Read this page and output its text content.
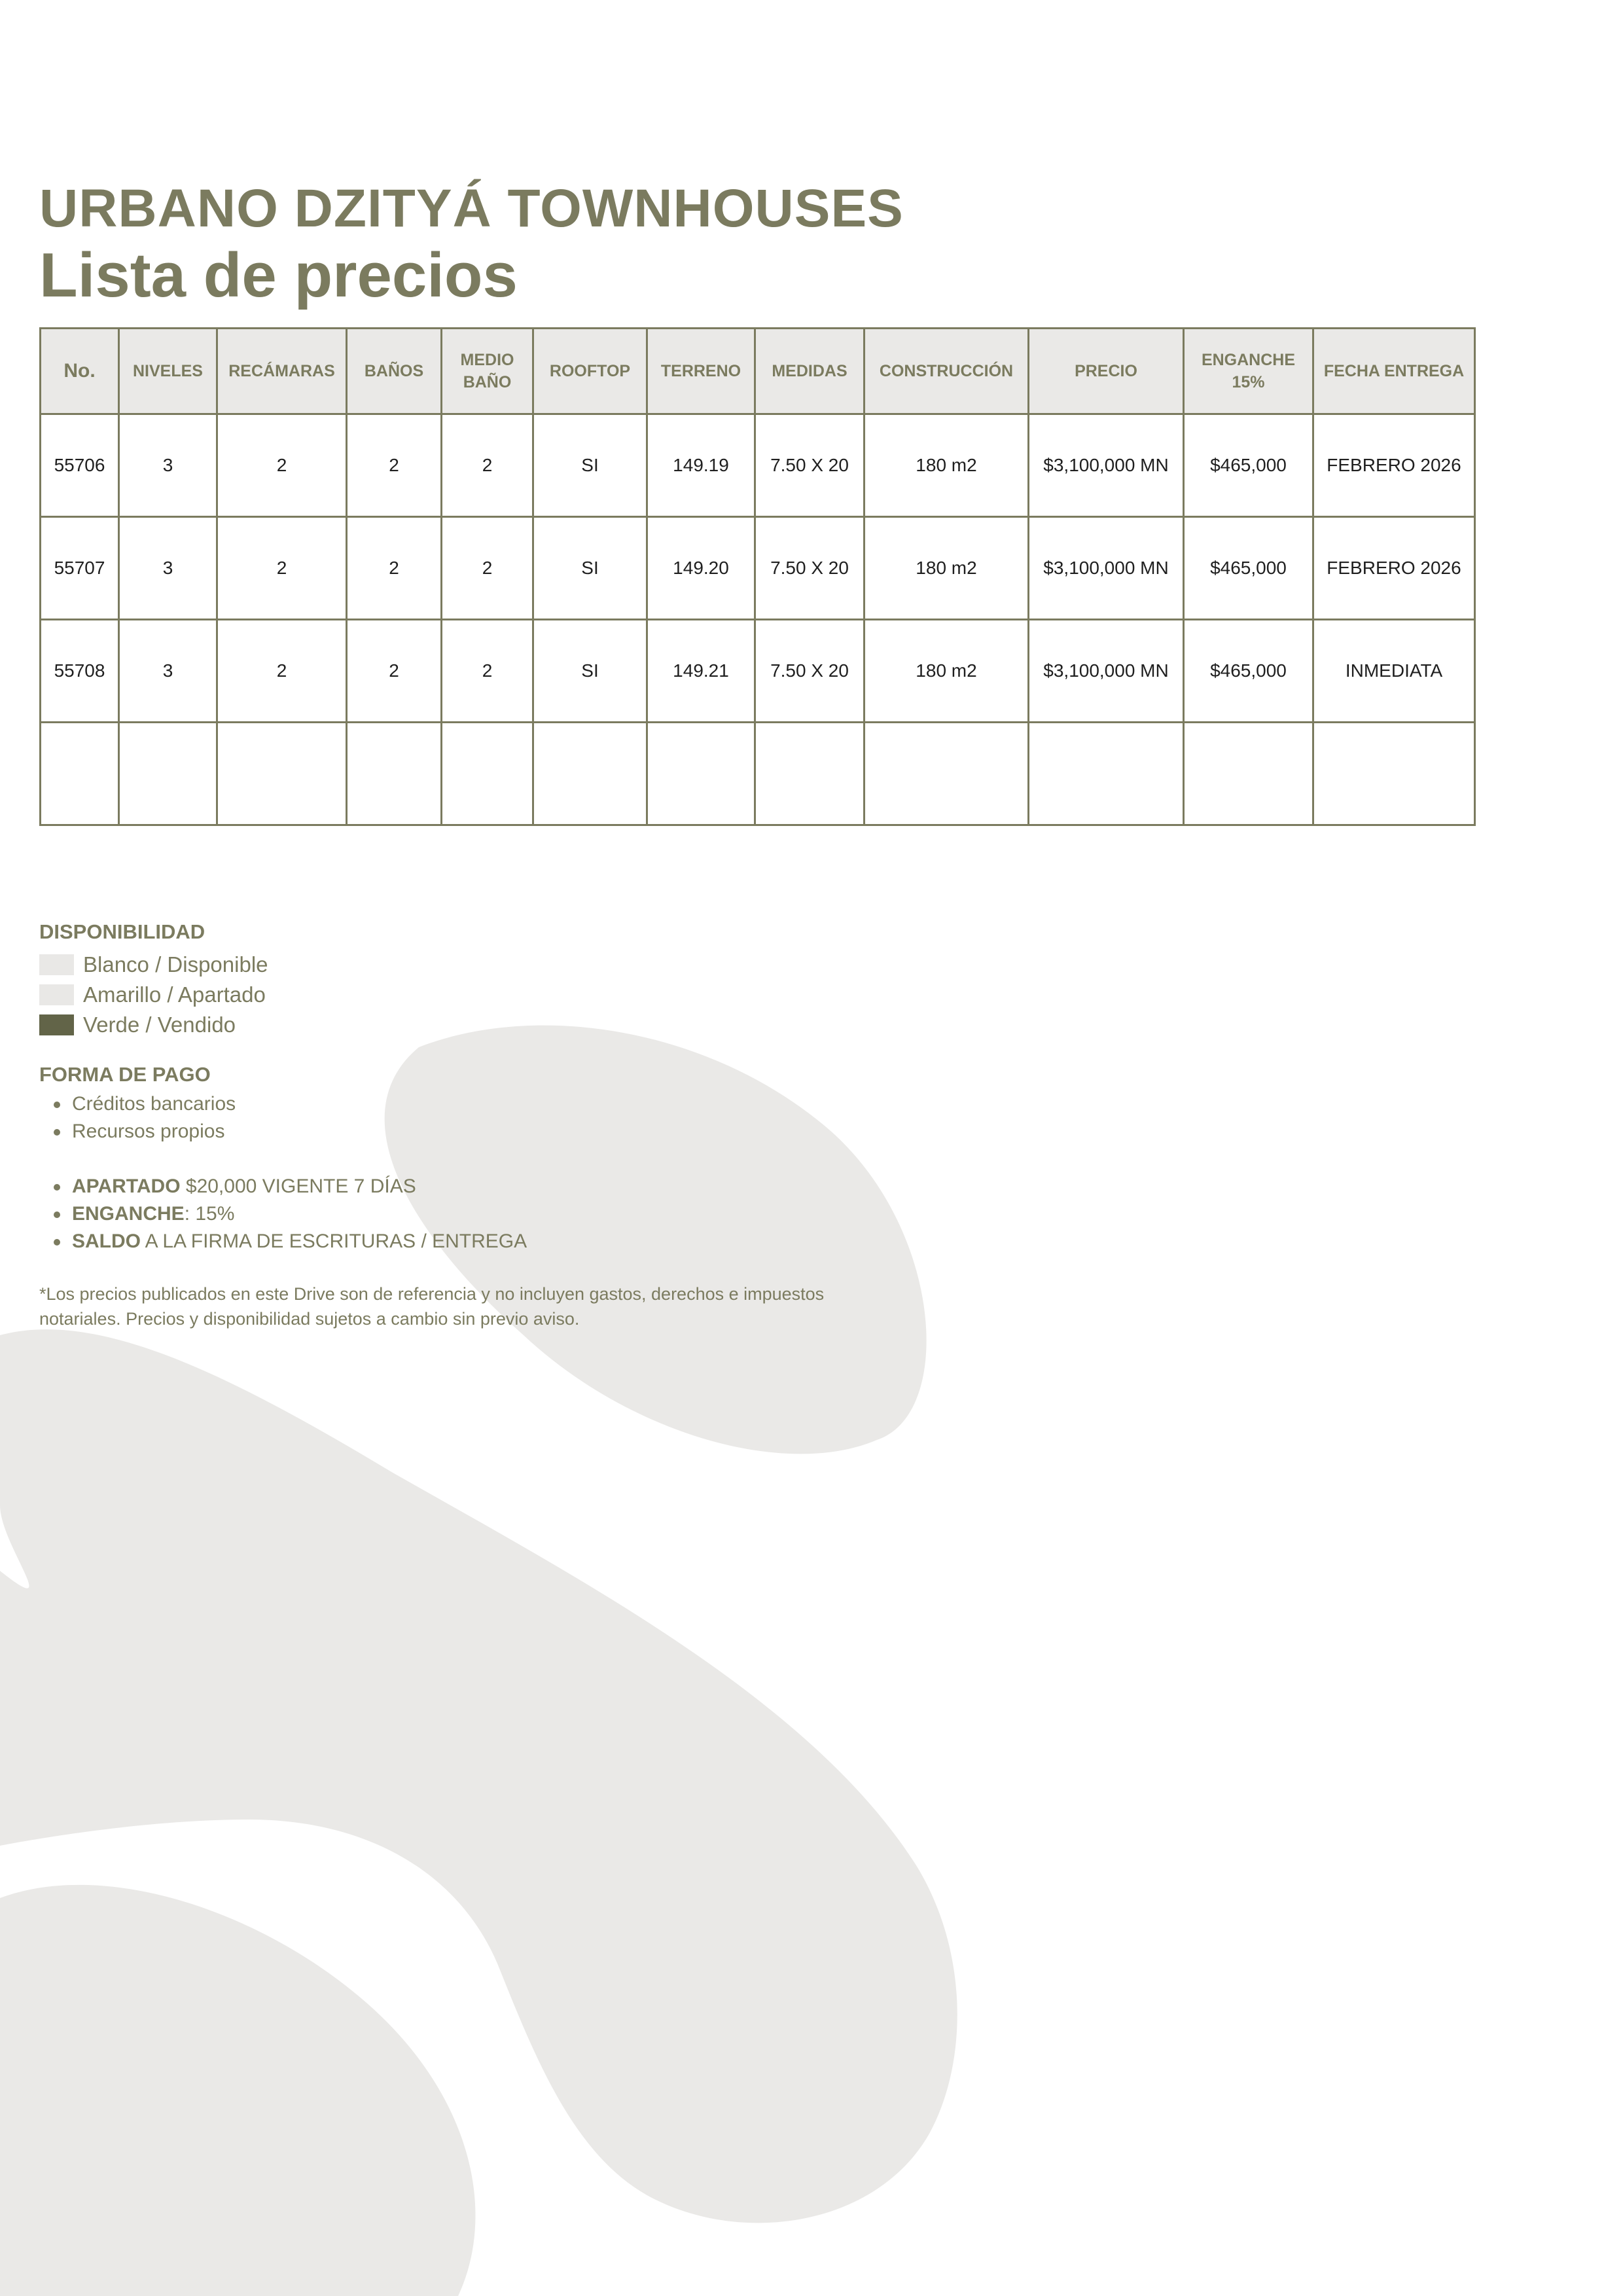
URBANO DZITYÁ TOWNHOUSES
Lista de precios
No.	NIVELES	RECÁMARAS	BAÑOS	MEDIO BAÑO	ROOFTOP	TERRENO	MEDIDAS	CONSTRUCCIÓN	PRECIO	ENGANCHE 15%	FECHA ENTREGA
55706	3	2	2	2	SI	149.19	7.50 X 20	180 m2	$3,100,000 MN	$465,000	FEBRERO 2026
55707	3	2	2	2	SI	149.20	7.50 X 20	180 m2	$3,100,000 MN	$465,000	FEBRERO 2026
55708	3	2	2	2	SI	149.21	7.50 X 20	180 m2	$3,100,000 MN	$465,000	INMEDIATA

DISPONIBILIDAD
Blanco / Disponible
Amarillo / Apartado
Verde / Vendido
FORMA DE PAGO
Créditos bancarios
Recursos propios
APARTADO $20,000 VIGENTE 7 DÍAS
ENGANCHE: 15%
SALDO A LA FIRMA DE ESCRITURAS / ENTREGA

*Los precios publicados en este Drive son de referencia y no incluyen gastos, derechos e impuestos notariales. Precios y disponibilidad sujetos a cambio sin previo aviso.
